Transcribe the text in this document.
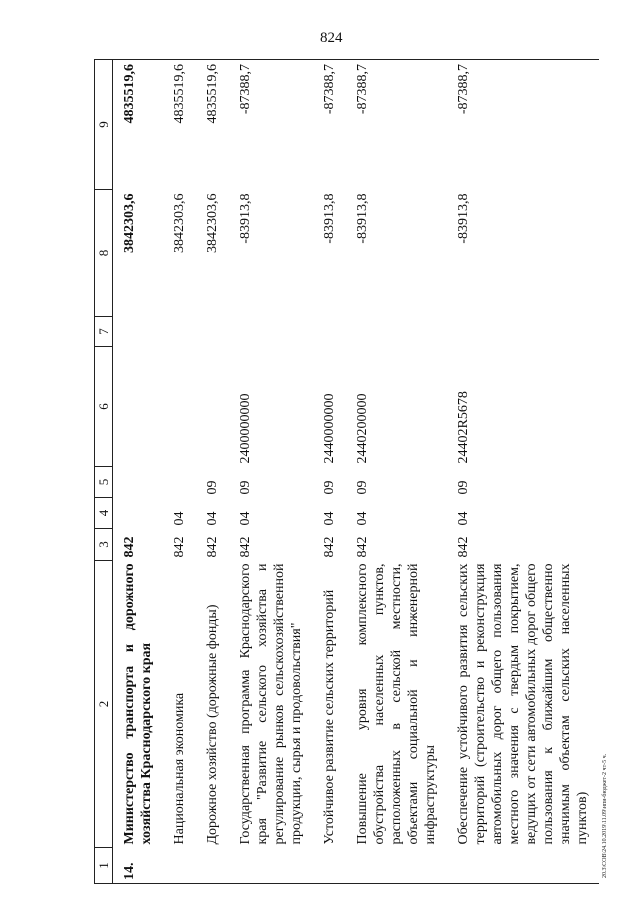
824
20.3\COB\24.10.2019\11.09\нпи-бюджет-2 чт-5 ч.
1	2	3	4	5	6	7	8	9
14.	Министерство транспорта и дорожного хозяйства Краснодарского края	842					3842303,6	4835519,6
	Национальная экономика	842	04				3842303,6	4835519,6
	Дорожное хозяйство (дорожные фонды)	842	04	09			3842303,6	4835519,6
	Государственная программа Краснодарского края "Развитие сельского хозяйства и регулирование рынков сельскохозяйственной продукции, сырья и продовольствия"	842	04	09	2400000000		-83913,8	-87388,7
	Устойчивое развитие сельских территорий	842	04	09	2440000000		-83913,8	-87388,7
	Повышение уровня комплексного обустройства населенных пунктов, расположенных в сельской местности, объектами социальной и инженерной инфраструктуры	842	04	09	2440200000		-83913,8	-87388,7
	Обеспечение устойчивого развития сельских территорий (строительство и реконструкция автомобильных дорог общего пользования местного значения с твердым покрытием, ведущих от сети автомобильных дорог общего пользования к ближайшим общественно значимым объектам сельских населенных пунктов)	842	04	09	24402R5678		-83913,8	-87388,7
